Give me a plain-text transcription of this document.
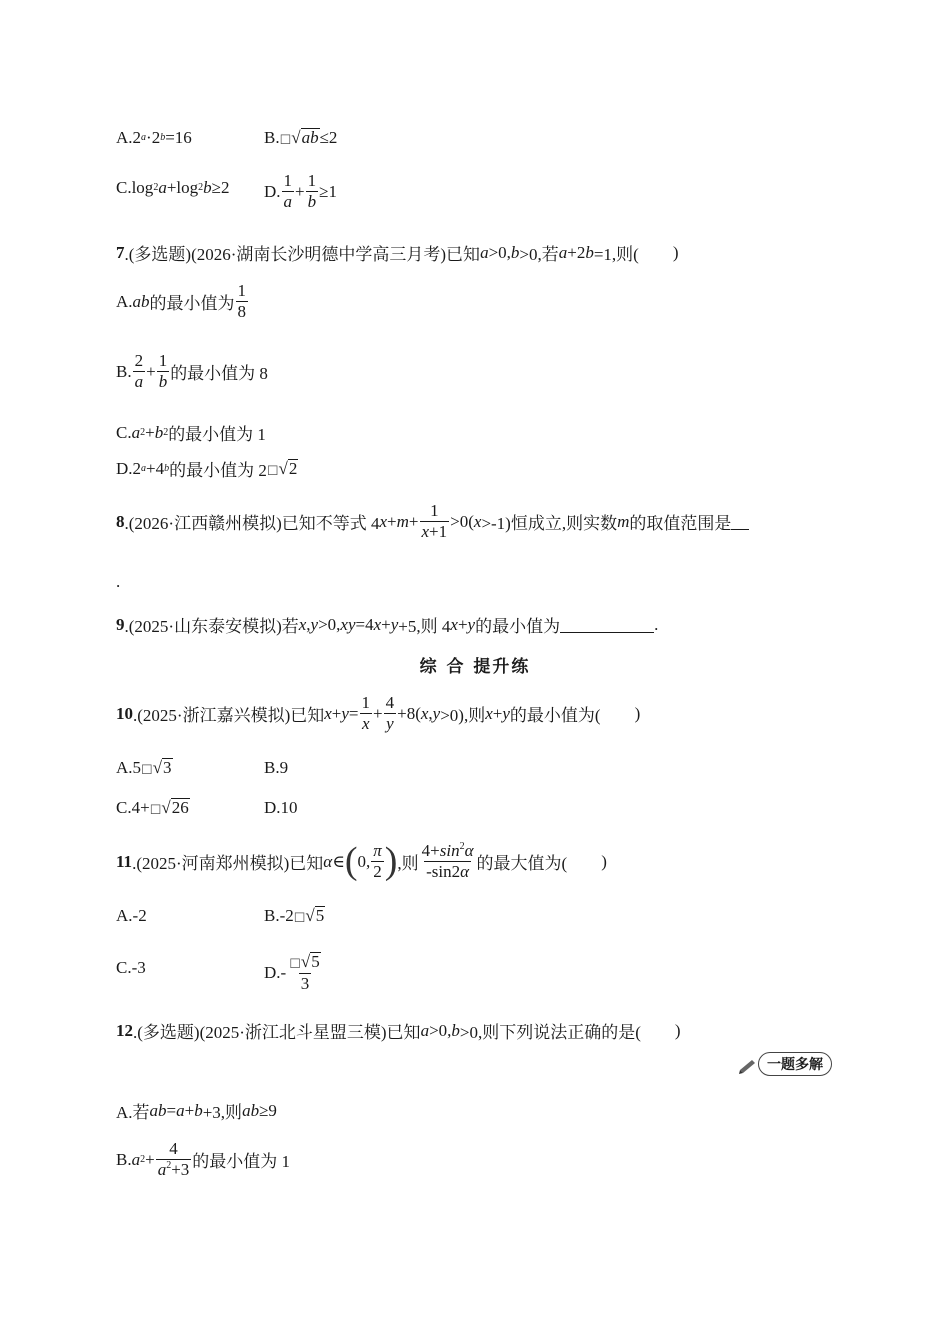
A.2 a ·2 b =16	B. ☐ √ ab ≤2
C.log 2 a +log 2 b ≥2 D. $\frac{1}{a} + \frac{1}{b} \ge 1$
7 .(多选题)(2026·湖南长沙明德中学高三月考)已知 a >0, b >0,若 a +2 b =1,则( )
A. ab 的最小值为 $\frac{1}{8}$
B. $\frac{2}{a} + \frac{1}{b}$ 的最小值为 8
C. a 2 + b 2 的最小值为 1
D.2 a +4 b 的最小值为 2 ☐ √ 2
8 .(2026·江西赣州模拟)已知不等式 4 $x + m + \frac{1}{x+1} >0$( x >-1)恒成立,则实数 m 的取值范围是
.
9 .(2025·山东泰安模拟)若 x , y >0, xy =4 x + y +5,则 4 x + y 的最小值为	.
综 合 提升练
10 .(2025·浙江嘉兴模拟)已知 $x + y = \frac{1}{x} + \frac{4}{y} +8$( x , y >0),则 x + y 的最小值为( )
A.5 ☐ √ 3	B.9
C.4+ ☐ √ 26	D.10
11 .(2025·河南郑州模拟)已知 α ∈ ( 0 , $\frac{\pi}{2}$ ) ,则 $\frac{4+\sin^2\alpha}{-\sin 2\alpha}$ 的最大值为( )
A.-2	B.-2 ☐ √ 5
C.-3	$D.- \frac{☐ √ 5}{3}$
12 .(多选题)(2025·浙江北斗星盟三模)已知 a >0, b >0,则下列说法正确的是( )
一题多解
A.若 ab = a + b +3,则 ab ≥9
B. a $2 + \frac{4}{a^2+3}$ 的最小值为 1
